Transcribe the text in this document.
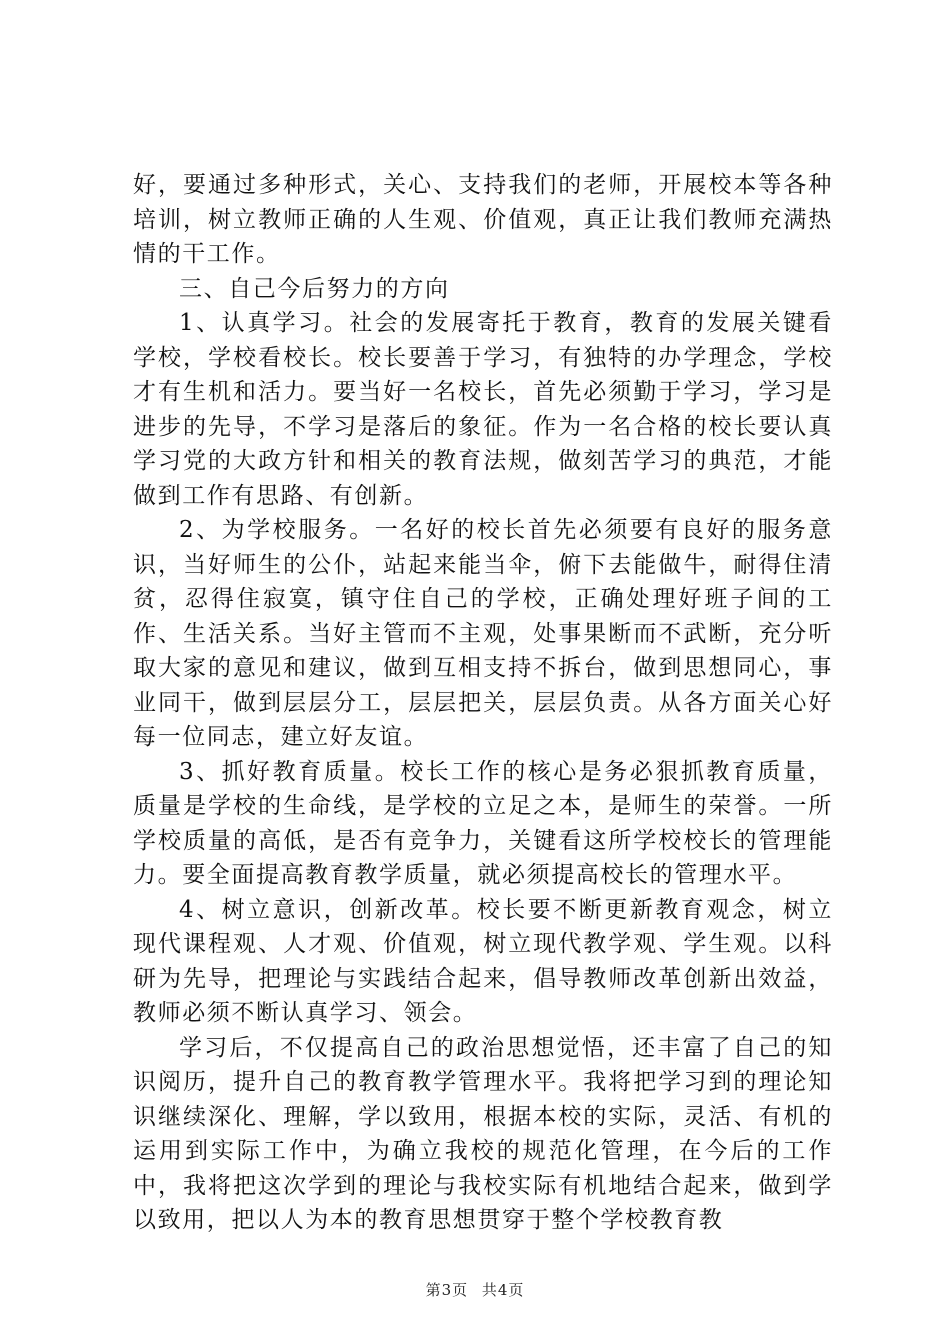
好，要通过多种形式，关心、支持我们的老师，开展校本等各种培训，树立教师正确的人生观、价值观，真正让我们教师充满热情的干工作。

三、自己今后努力的方向

1、认真学习。社会的发展寄托于教育，教育的发展关键看学校，学校看校长。校长要善于学习，有独特的办学理念，学校才有生机和活力。要当好一名校长，首先必须勤于学习，学习是进步的先导，不学习是落后的象征。作为一名合格的校长要认真学习党的大政方针和相关的教育法规，做刻苦学习的典范，才能做到工作有思路、有创新。

2、为学校服务。一名好的校长首先必须要有良好的服务意识，当好师生的公仆，站起来能当伞，俯下去能做牛，耐得住清贫，忍得住寂寞，镇守住自己的学校，正确处理好班子间的工作、生活关系。当好主管而不主观，处事果断而不武断，充分听取大家的意见和建议，做到互相支持不拆台，做到思想同心，事业同干，做到层层分工，层层把关，层层负责。从各方面关心好每一位同志，建立好友谊。

3、抓好教育质量。校长工作的核心是务必狠抓教育质量，质量是学校的生命线，是学校的立足之本，是师生的荣誉。一所学校质量的高低，是否有竞争力，关键看这所学校校长的管理能力。要全面提高教育教学质量，就必须提高校长的管理水平。

4、树立意识，创新改革。校长要不断更新教育观念，树立现代课程观、人才观、价值观，树立现代教学观、学生观。以科研为先导，把理论与实践结合起来，倡导教师改革创新出效益，教师必须不断认真学习、领会。

学习后，不仅提高自己的政治思想觉悟，还丰富了自己的知识阅历，提升自己的教育教学管理水平。我将把学习到的理论知识继续深化、理解，学以致用，根据本校的实际，灵活、有机的运用到实际工作中，为确立我校的规范化管理，在今后的工作中，我将把这次学到的理论与我校实际有机地结合起来，做到学以致用，把以人为本的教育思想贯穿于整个学校教育教

第3页 共4页
